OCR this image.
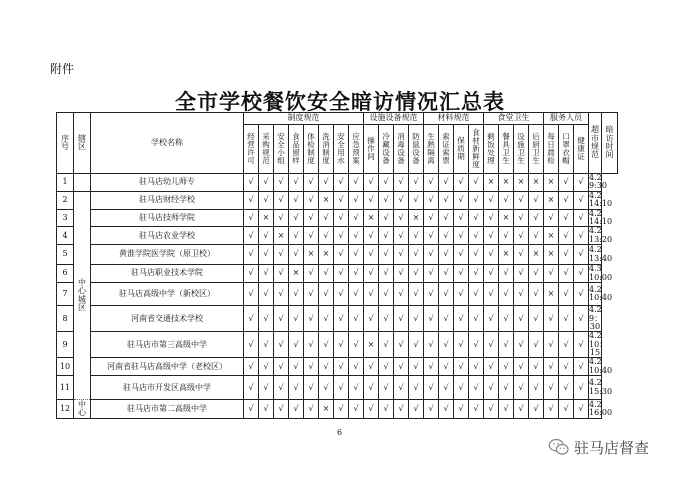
附件
全市学校餐饮安全暗访情况汇总表
序号	辖区	学校名称	制度规范								设施设备规范				材料规范				食堂卫生				服务人员			超市规范	暗访时间
			经营许可	采购规范	安全小组	食品留样	体检制度	洗消制度	安全用水	应急预案	操作间	冷藏设备	消毒设备	防鼠设备	生熟隔离	索证索票	保质期	食材新鲜度	剩饭处理	餐具卫生	设施卫生	后厨卫生	每日晨检	口罩衣帽	健康证		
1		驻马店幼儿师专	√	√	√	√	√	√	√	√	√	√	√	√	√	√	√	√	×	×	×	×	×	√	√	4.2 9:30	
2	中心城区	驻马店财经学校	√	√	√	√	√	×	√	√	√	√	√	√	√	√	√	√	√	√	√	√	×	√	√	4.2 14:10	
3		驻马店技师学院	√	×	√	√	√	√	√	√	×	√	√	×	√	√	√	√	√	×	√	√	√	√	√	4.2 14:10	
4		驻马店农业学校	√	√	×	√	√	√	√	√	√	√	√	√	√	√	√	√	√	√	√	√	×	√	√	4.2 13:20	
5		黄淮学院医学院（原卫校）	√	√	√	√	×	×	√	√	√	√	√	√	√	√	√	√	√	×	√	×	×	√	√	4.2 13:40	
6		驻马店职业技术学院	√	√	√	×	√	√	√	√	√	√	√	√	√	√	√	√	√	√	√	√	√	√	√	4.3 10:00	
7		驻马店高级中学（新校区）	√	√	√	√	√	√	√	√	√	√	√	√	√	√	√	√	√	√	√	√	×	√	√	4.2 10:40	
8		河南省交通技术学校	√	√	√	√	√	√	√	√	√	√	√	√	√	√	√	√	√	√	√	√	√	√	√	4.2 9：30	
9		驻马店市第三高级中学	√	√	√	√	√	√	√	√	×	√	√	√	√	√	√	√	√	√	√	√	√	√	√	4.2 10：15	
10		河南省驻马店高级中学（老校区）	√	√	√	√	√	√	√	√	√	√	√	√	√	√	√	√	√	√	√	√	√	√	√	4.2 10:40	
11		驻马店市开发区高级中学	√	√	√	√	√	√	√	√	√	√	√	√	√	√	√	√	√	√	√	√	√	√	√	4.2 15:30	
12	中心	驻马店市第二高级中学	√	√	√	√	√	×	√	√	√	√	√	√	√	√	√	√	√	√	√	√	√	√	√	4.2 16:00	
6
驻马店督查
